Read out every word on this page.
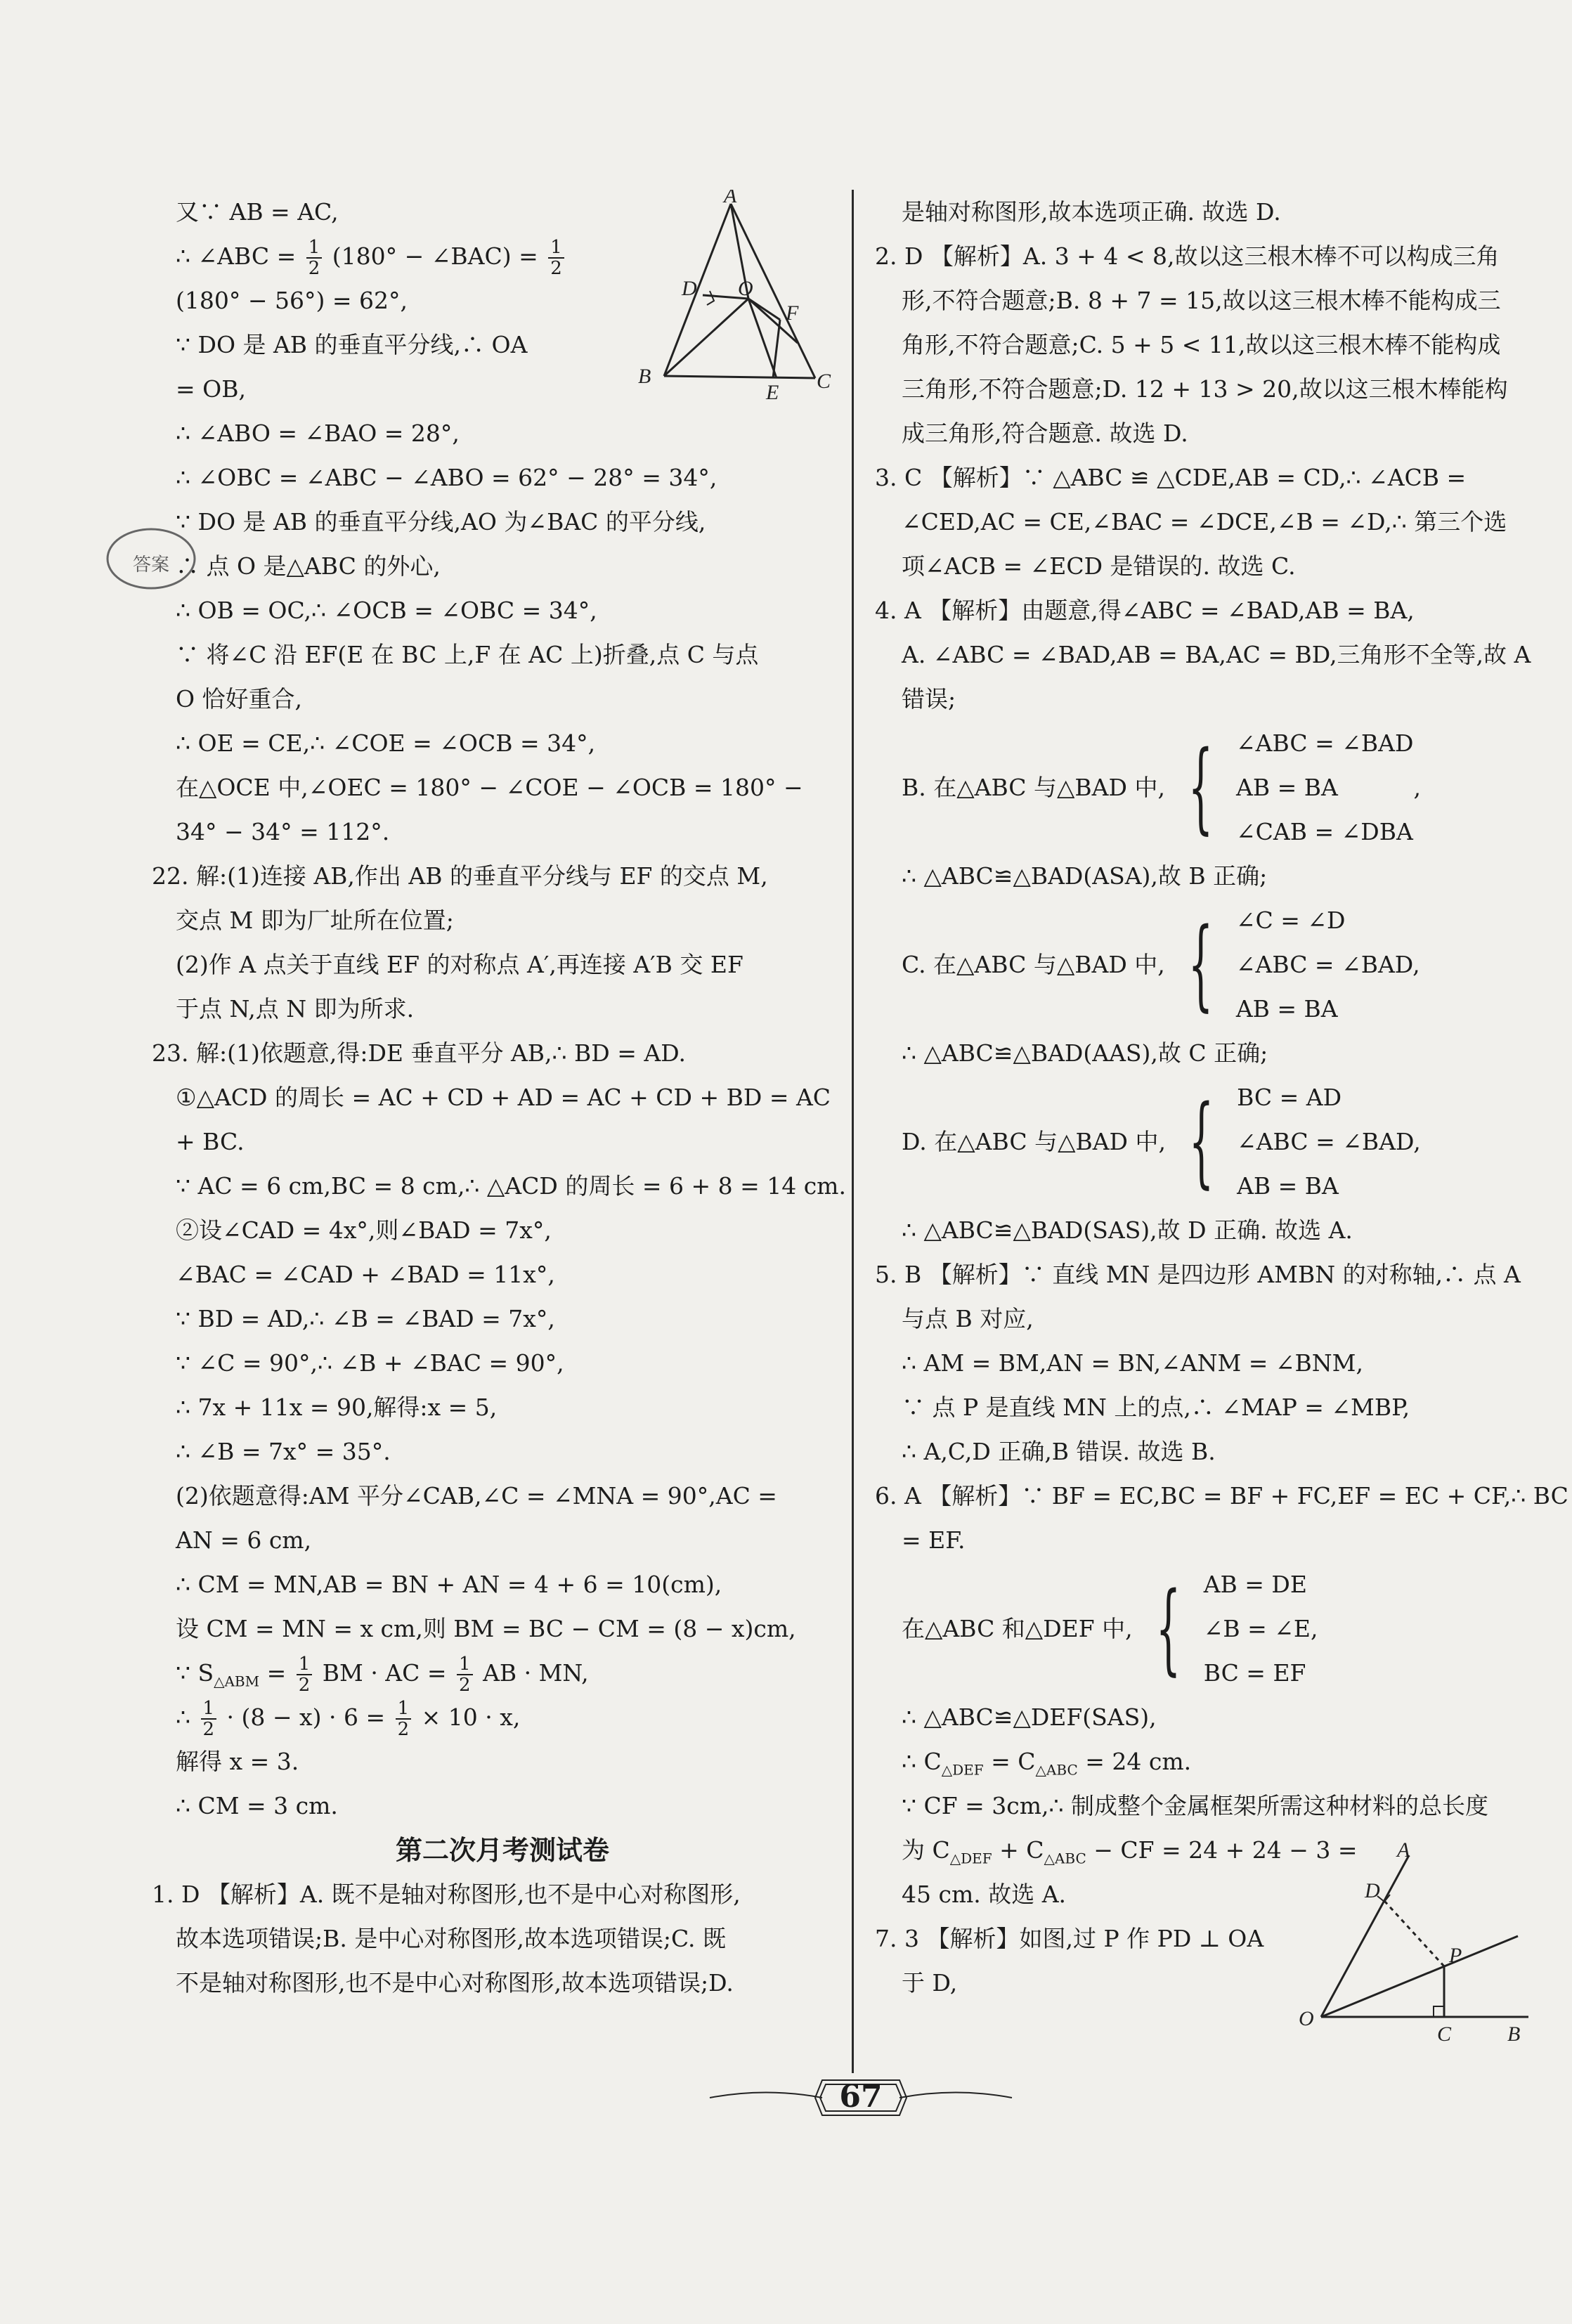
又∵ AB = AC,
∴ ∠ABC = $\frac{1}{2} (180^\circ$ − ∠BAC) = $\frac{1}{2}$
(180° − 56°) = 62°,
∵ DO 是 AB 的垂直平分线,∴ OA
= OB,
∴ ∠ABO = ∠BAO = 28°,
∴ ∠OBC = ∠ABC − ∠ABO = 62° − 28° = 34°,
∵ DO 是 AB 的垂直平分线,AO 为∠BAC 的平分线,
∴ 点 O 是△ABC 的外心,
∴ OB = OC,∴ ∠OCB = ∠OBC = 34°,
∵ 将∠C 沿 EF(E 在 BC 上,F 在 AC 上)折叠,点 C 与点
O 恰好重合,
∴ OE = CE,∴ ∠COE = ∠OCB = 34°,
在△OCE 中,∠OEC = 180° − ∠COE − ∠OCB = 180° −
34° − 34° = 112°.
22. 解:(1)连接 AB,作出 AB 的垂直平分线与 EF 的交点 M,
交点 M 即为厂址所在位置;
(2)作 A 点关于直线 EF 的对称点 A′,再连接 A′B 交 EF
于点 N,点 N 即为所求.
23. 解:(1)依题意,得:DE 垂直平分 AB,∴ BD = AD.
①△ACD 的周长 = AC + CD + AD = AC + CD + BD = AC
+ BC.
∵ AC = 6 cm,BC = 8 cm,∴ △ACD 的周长 = 6 + 8 = 14 cm.
②设∠CAD = 4x°,则∠BAD = 7x°,
∠BAC = ∠CAD + ∠BAD = 11x°,
∵ BD = AD,∴ ∠B = ∠BAD = 7x°,
∵ ∠C = 90°,∴ ∠B + ∠BAC = 90°,
∴ 7x + 11x = 90,解得:x = 5,
∴ ∠B = 7x° = 35°.
(2)依题意得:AM 平分∠CAB,∠C = ∠MNA = 90°,AC =
AN = 6 cm,
∴ CM = MN,AB = BN + AN = 4 + 6 = 10(cm),
设 CM = MN = x cm,则 BM = BC − CM = (8 − x)cm,
∵ $S_{\triangle ABM} = \frac{1}{2}$ BM · AC = $\frac{1}{2}$ AB · MN,
∴ $\frac{1}{2} \cdot (8 - x) \cdot 6 = \frac{1}{2} \times 10 \cdot x$,
解得 x = 3.
∴ CM = 3 cm.
第二次月考测试卷
1. D 【解析】A. 既不是轴对称图形,也不是中心对称图形,
故本选项错误;B. 是中心对称图形,故本选项错误;C. 既
不是轴对称图形,也不是中心对称图形,故本选项错误;D.
A
D O
F
B
E C
答案
是轴对称图形,故本选项正确. 故选 D.
2. D 【解析】A. 3 + 4 < 8,故以这三根木棒不可以构成三角
形,不符合题意;B. 8 + 7 = 15,故以这三根木棒不能构成三
角形,不符合题意;C. 5 + 5 < 11,故以这三根木棒不能构成
三角形,不符合题意;D. 12 + 13 > 20,故以这三根木棒能构
成三角形,符合题意. 故选 D.
3. C 【解析】∵ △ABC ≌ △CDE,AB = CD,∴ ∠ACB =
∠CED,AC = CE,∠BAC = ∠DCE,∠B = ∠D,∴ 第三个选
项∠ACB = ∠ECD 是错误的. 故选 C.
4. A 【解析】由题意,得∠ABC = ∠BAD,AB = BA,
A. ∠ABC = ∠BAD,AB = BA,AC = BD,三角形不全等,故 A
错误;
B. 在△ABC 与△BAD 中, { ∠ABC = ∠BAD
AB = BA
∠CAB = ∠DBA
,
∴ △ABC≌△BAD(ASA),故 B 正确;
C. 在△ABC 与△BAD 中, { ∠C = ∠D
∠ABC = ∠BAD,
AB = BA
∴ △ABC≌△BAD(AAS),故 C 正确;
D. 在△ABC 与△BAD 中, { BC = AD
∠ABC = ∠BAD,
AB = BA
∴ △ABC≌△BAD(SAS),故 D 正确. 故选 A.
5. B 【解析】∵ 直线 MN 是四边形 AMBN 的对称轴,∴ 点 A
与点 B 对应,
∴ AM = BM,AN = BN,∠ANM = ∠BNM,
∵ 点 P 是直线 MN 上的点,∴ ∠MAP = ∠MBP,
∴ A,C,D 正确,B 错误. 故选 B.
6. A 【解析】∵ BF = EC,BC = BF + FC,EF = EC + CF,∴ BC
= EF.
在△ABC 和△DEF 中, { AB = DE
∠B = ∠E,
BC = EF
∴ △ABC≌△DEF(SAS),
∴ $C_{\triangle DEF} = C_{\triangle ABC} = 24$ cm.
∵ CF = 3cm,∴ 制成整个金属框架所需这种材料的总长度
为 $C_{\triangle DEF} + C_{\triangle ABC}$ − CF = 24 + 24 − 3 =
45 cm. 故选 A.
7. 3 【解析】如图,过 P 作 PD ⊥ OA
于 D,
A
D
P
O
C	B
67
